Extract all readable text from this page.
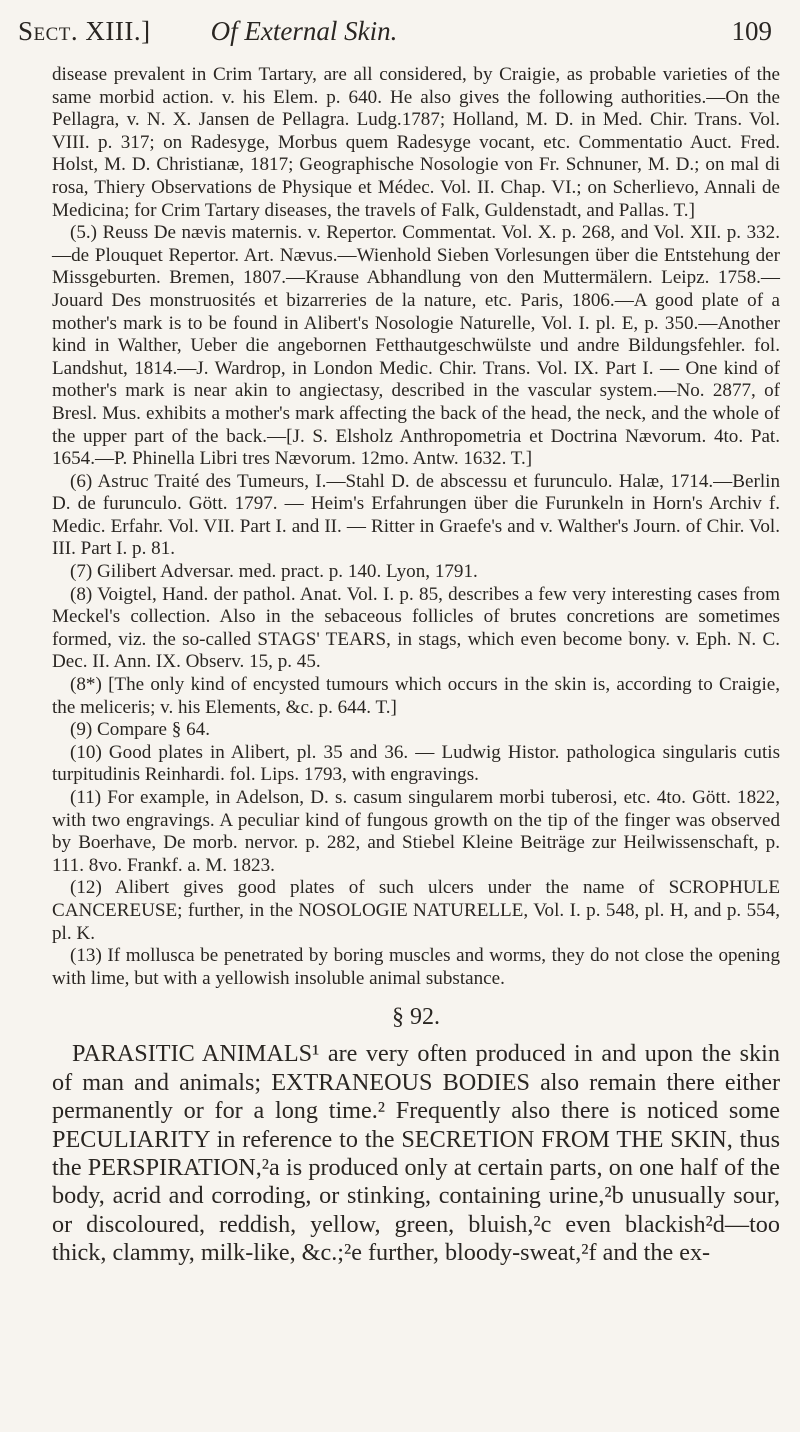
Sect. XIII.] Of External Skin.	109

disease prevalent in Crim Tartary, are all considered, by Craigie, as probable varieties of the same morbid action. v. his Elem. p. 640. He also gives the following authorities.—On the Pellagra, v. N. X. Jansen de Pellagra. Ludg.1787; Holland, M. D. in Med. Chir. Trans. Vol. VIII. p. 317; on Radesyge, Morbus quem Radesyge vocant, etc. Commentatio Auct. Fred. Holst, M. D. Christianæ, 1817; Geographische Nosologie von Fr. Schnuner, M. D.; on mal di rosa, Thiery Observations de Physique et Médec. Vol. II. Chap. VI.; on Scherlievo, Annali de Medicina; for Crim Tartary diseases, the travels of Falk, Guldenstadt, and Pallas. T.]

(5.) Reuss De nævis maternis. v. Repertor. Commentat. Vol. X. p. 268, and Vol. XII. p. 332.—de Plouquet Repertor. Art. Nævus.—Wienhold Sieben Vorlesungen über die Entstehung der Missgeburten. Bremen, 1807.—Krause Abhandlung von den Muttermälern. Leipz. 1758.—Jouard Des monstruosités et bizarreries de la nature, etc. Paris, 1806.—A good plate of a mother's mark is to be found in Alibert's Nosologie Naturelle, Vol. I. pl. E, p. 350.—Another kind in Walther, Ueber die angebornen Fetthautgeschwülste und andre Bildungsfehler. fol. Landshut, 1814.—J. Wardrop, in London Medic. Chir. Trans. Vol. IX. Part I. — One kind of mother's mark is near akin to angiectasy, described in the vascular system.—No. 2877, of Bresl. Mus. exhibits a mother's mark affecting the back of the head, the neck, and the whole of the upper part of the back.—[J. S. Elsholz Anthropometria et Doctrina Nævorum. 4to. Pat. 1654.—P. Phinella Libri tres Nævorum. 12mo. Antw. 1632. T.]

(6) Astruc Traité des Tumeurs, I.—Stahl D. de abscessu et furunculo. Halæ, 1714.—Berlin D. de furunculo. Gött. 1797. — Heim's Erfahrungen über die Furunkeln in Horn's Archiv f. Medic. Erfahr. Vol. VII. Part I. and II. — Ritter in Graefe's and v. Walther's Journ. of Chir. Vol. III. Part I. p. 81.

(7) Gilibert Adversar. med. pract. p. 140. Lyon, 1791.

(8) Voigtel, Hand. der pathol. Anat. Vol. I. p. 85, describes a few very interesting cases from Meckel's collection. Also in the sebaceous follicles of brutes concretions are sometimes formed, viz. the so-called STAGS' TEARS, in stags, which even become bony. v. Eph. N. C. Dec. II. Ann. IX. Observ. 15, p. 45.

(8*) [The only kind of encysted tumours which occurs in the skin is, according to Craigie, the meliceris; v. his Elements, &c. p. 644. T.]

(9) Compare § 64.

(10) Good plates in Alibert, pl. 35 and 36. — Ludwig Histor. pathologica singularis cutis turpitudinis Reinhardi. fol. Lips. 1793, with engravings.

(11) For example, in Adelson, D. s. casum singularem morbi tuberosi, etc. 4to. Gött. 1822, with two engravings. A peculiar kind of fungous growth on the tip of the finger was observed by Boerhave, De morb. nervor. p. 282, and Stiebel Kleine Beiträge zur Heilwissenschaft, p. 111. 8vo. Frankf. a. M. 1823.

(12) Alibert gives good plates of such ulcers under the name of SCROPHULE CANCEREUSE; further, in the NOSOLOGIE NATURELLE, Vol. I. p. 548, pl. H, and p. 554, pl. K.

(13) If mollusca be penetrated by boring muscles and worms, they do not close the opening with lime, but with a yellowish insoluble animal substance.

§ 92.

PARASITIC ANIMALS¹ are very often produced in and upon the skin of man and animals; EXTRANEOUS BODIES also remain there either permanently or for a long time.² Frequently also there is noticed some PECULIARITY in reference to the SECRETION FROM THE SKIN, thus the PERSPIRATION,²a is produced only at certain parts, on one half of the body, acrid and corroding, or stinking, containing urine,²b unusually sour, or discoloured, reddish, yellow, green, bluish,²c even blackish²d—too thick, clammy, milk-like, &c.;²e further, bloody-sweat,²f and the ex-
